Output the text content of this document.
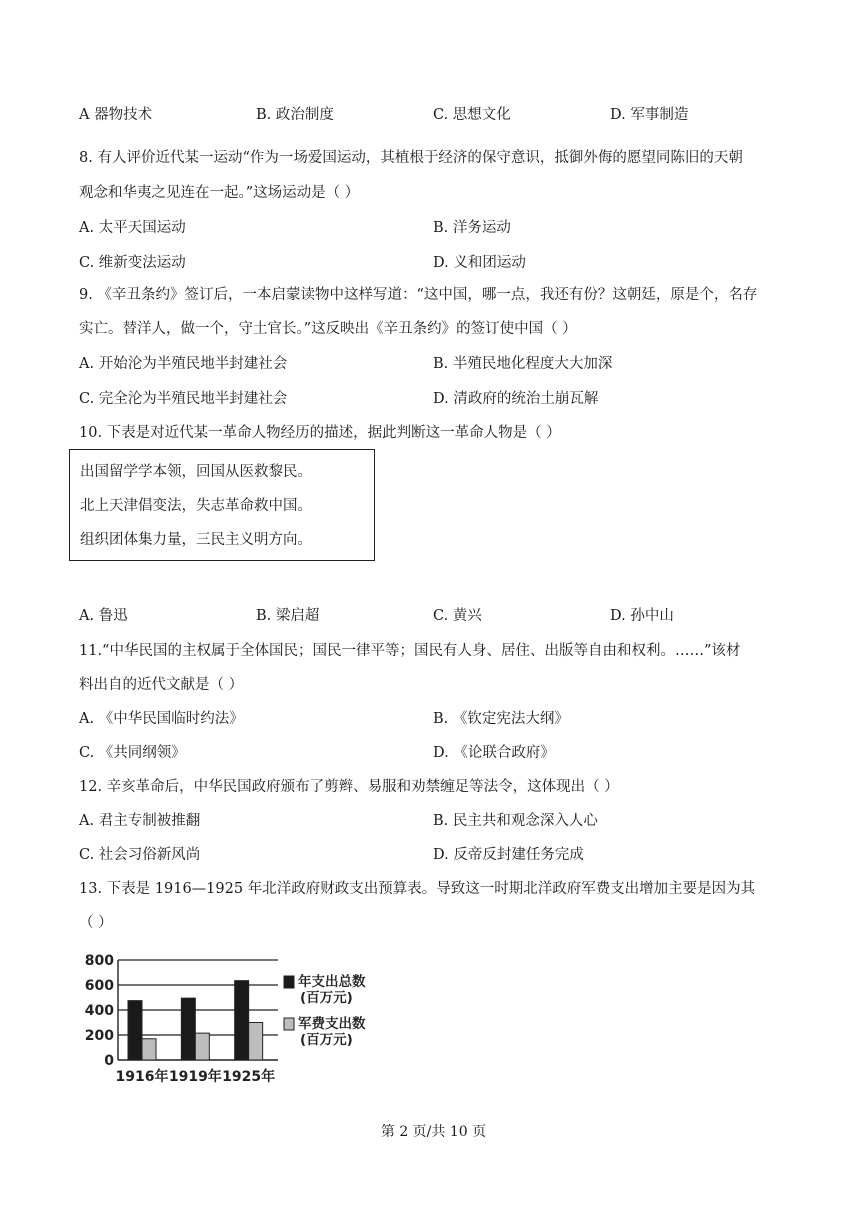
A 器物技术	B. 政治制度	C. 思想文化	D. 军事制造
8. 有人评价近代某一运动“作为一场爱国运动，其植根于经济的保守意识，抵御外侮的愿望同陈旧的天朝
观念和华夷之见连在一起。”这场运动是（ ）
A. 太平天国运动	B. 洋务运动
C. 维新变法运动	D. 义和团运动
9. 《辛丑条约》签订后，一本启蒙读物中这样写道：“这中国，哪一点，我还有份？这朝廷，原是个，名存
实亡。替洋人，做一个，守土官长。”这反映出《辛丑条约》的签订使中国（ ）
A. 开始沦为半殖民地半封建社会	B. 半殖民地化程度大大加深
C. 完全沦为半殖民地半封建社会	D. 清政府的统治土崩瓦解
10. 下表是对近代某一革命人物经历的描述，据此判断这一革命人物是（ ）
出国留学学本领，回国从医救黎民。
北上天津倡变法，失志革命救中国。
组织团体集力量，三民主义明方向。
A. 鲁迅	B. 梁启超	C. 黄兴	D. 孙中山
11.“中华民国的主权属于全体国民；国民一律平等；国民有人身、居住、出版等自由和权利。……”该材
料出自的近代文献是（ ）
A. 《中华民国临时约法》	B. 《钦定宪法大纲》
C. 《共同纲领》	D. 《论联合政府》
12. 辛亥革命后，中华民国政府颁布了剪辫、易服和劝禁缠足等法令，这体现出（ ）
A. 君主专制被推翻	B. 民主共和观念深入人心
C. 社会习俗新风尚	D. 反帝反封建任务完成
13. 下表是 1916—1925 年北洋政府财政支出预算表。导致这一时期北洋政府军费支出增加主要是因为其
（ ）
800
600
400
200
0
1916年 1919年 1925年
年支出总数
(百万元)
军费支出数
(百万元)
第 2 页/共 10 页
